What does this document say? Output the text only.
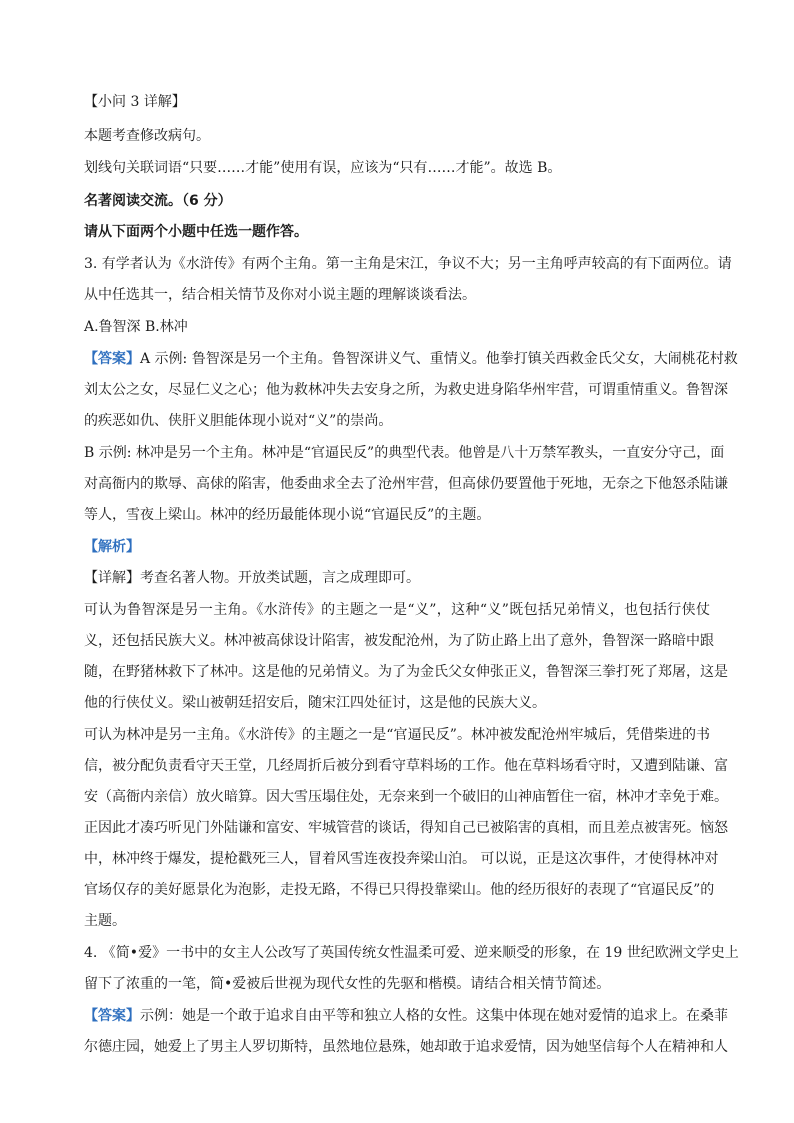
【小问 3 详解】
本题考查修改病句。
划线句关联词语“只要……才能”使用有误，应该为“只有……才能”。故选 B。
名著阅读交流。（6 分）
请从下面两个小题中任选一题作答。
3. 有学者认为《水浒传》有两个主角。第一主角是宋江，争议不大；另一主角呼声较高的有下面两位。请
从中任选其一，结合相关情节及你对小说主题的理解谈谈看法。
A.鲁智深 B.林冲
【答案】A 示例: 鲁智深是另一个主角。鲁智深讲义气、重情义。他拳打镇关西救金氏父女，大闹桃花村救
刘太公之女，尽显仁义之心；他为救林冲失去安身之所，为救史进身陷华州牢营，可谓重情重义。鲁智深
的疾恶如仇、侠肝义胆能体现小说对“义”的崇尚。
B 示例: 林冲是另一个主角。林冲是“官逼民反”的典型代表。他曾是八十万禁军教头，一直安分守己，面
对高衙内的欺辱、高俅的陷害，他委曲求全去了沧州牢营，但高俅仍要置他于死地，无奈之下他怒杀陆谦
等人，雪夜上梁山。林冲的经历最能体现小说“官逼民反”的主题。
【解析】
【详解】考查名著人物。开放类试题，言之成理即可。
可认为鲁智深是另一主角。《水浒传》的主题之一是“义”，这种“义”既包括兄弟情义，也包括行侠仗
义，还包括民族大义。林冲被高俅设计陷害，被发配沧州，为了防止路上出了意外，鲁智深一路暗中跟
随，在野猪林救下了林冲。这是他的兄弟情义。为了为金氏父女伸张正义，鲁智深三拳打死了郑屠，这是
他的行侠仗义。梁山被朝廷招安后，随宋江四处征讨，这是他的民族大义。
可认为林冲是另一主角。《水浒传》的主题之一是“官逼民反”。林冲被发配沧州牢城后，凭借柴进的书
信，被分配负责看守天王堂，几经周折后被分到看守草料场的工作。他在草料场看守时，又遭到陆谦、富
安（高衙内亲信）放火暗算。因大雪压塌住处，无奈来到一个破旧的山神庙暂住一宿，林冲才幸免于难。
正因此才凑巧听见门外陆谦和富安、牢城管营的谈话，得知自己已被陷害的真相，而且差点被害死。恼怒
中，林冲终于爆发，提枪戳死三人，冒着风雪连夜投奔梁山泊。 可以说，正是这次事件，才使得林冲对
官场仅存的美好愿景化为泡影，走投无路，不得已只得投靠梁山。他的经历很好的表现了“官逼民反”的
主题。
4. 《简•爱》一书中的女主人公改写了英国传统女性温柔可爱、逆来顺受的形象，在 19 世纪欧洲文学史上
留下了浓重的一笔，简•爱被后世视为现代女性的先驱和楷模。请结合相关情节简述。
【答案】示例：她是一个敢于追求自由平等和独立人格的女性。这集中体现在她对爱情的追求上。在桑菲
尔德庄园，她爱上了男主人罗切斯特，虽然地位悬殊，她却敢于追求爱情，因为她坚信每个人在精神和人
